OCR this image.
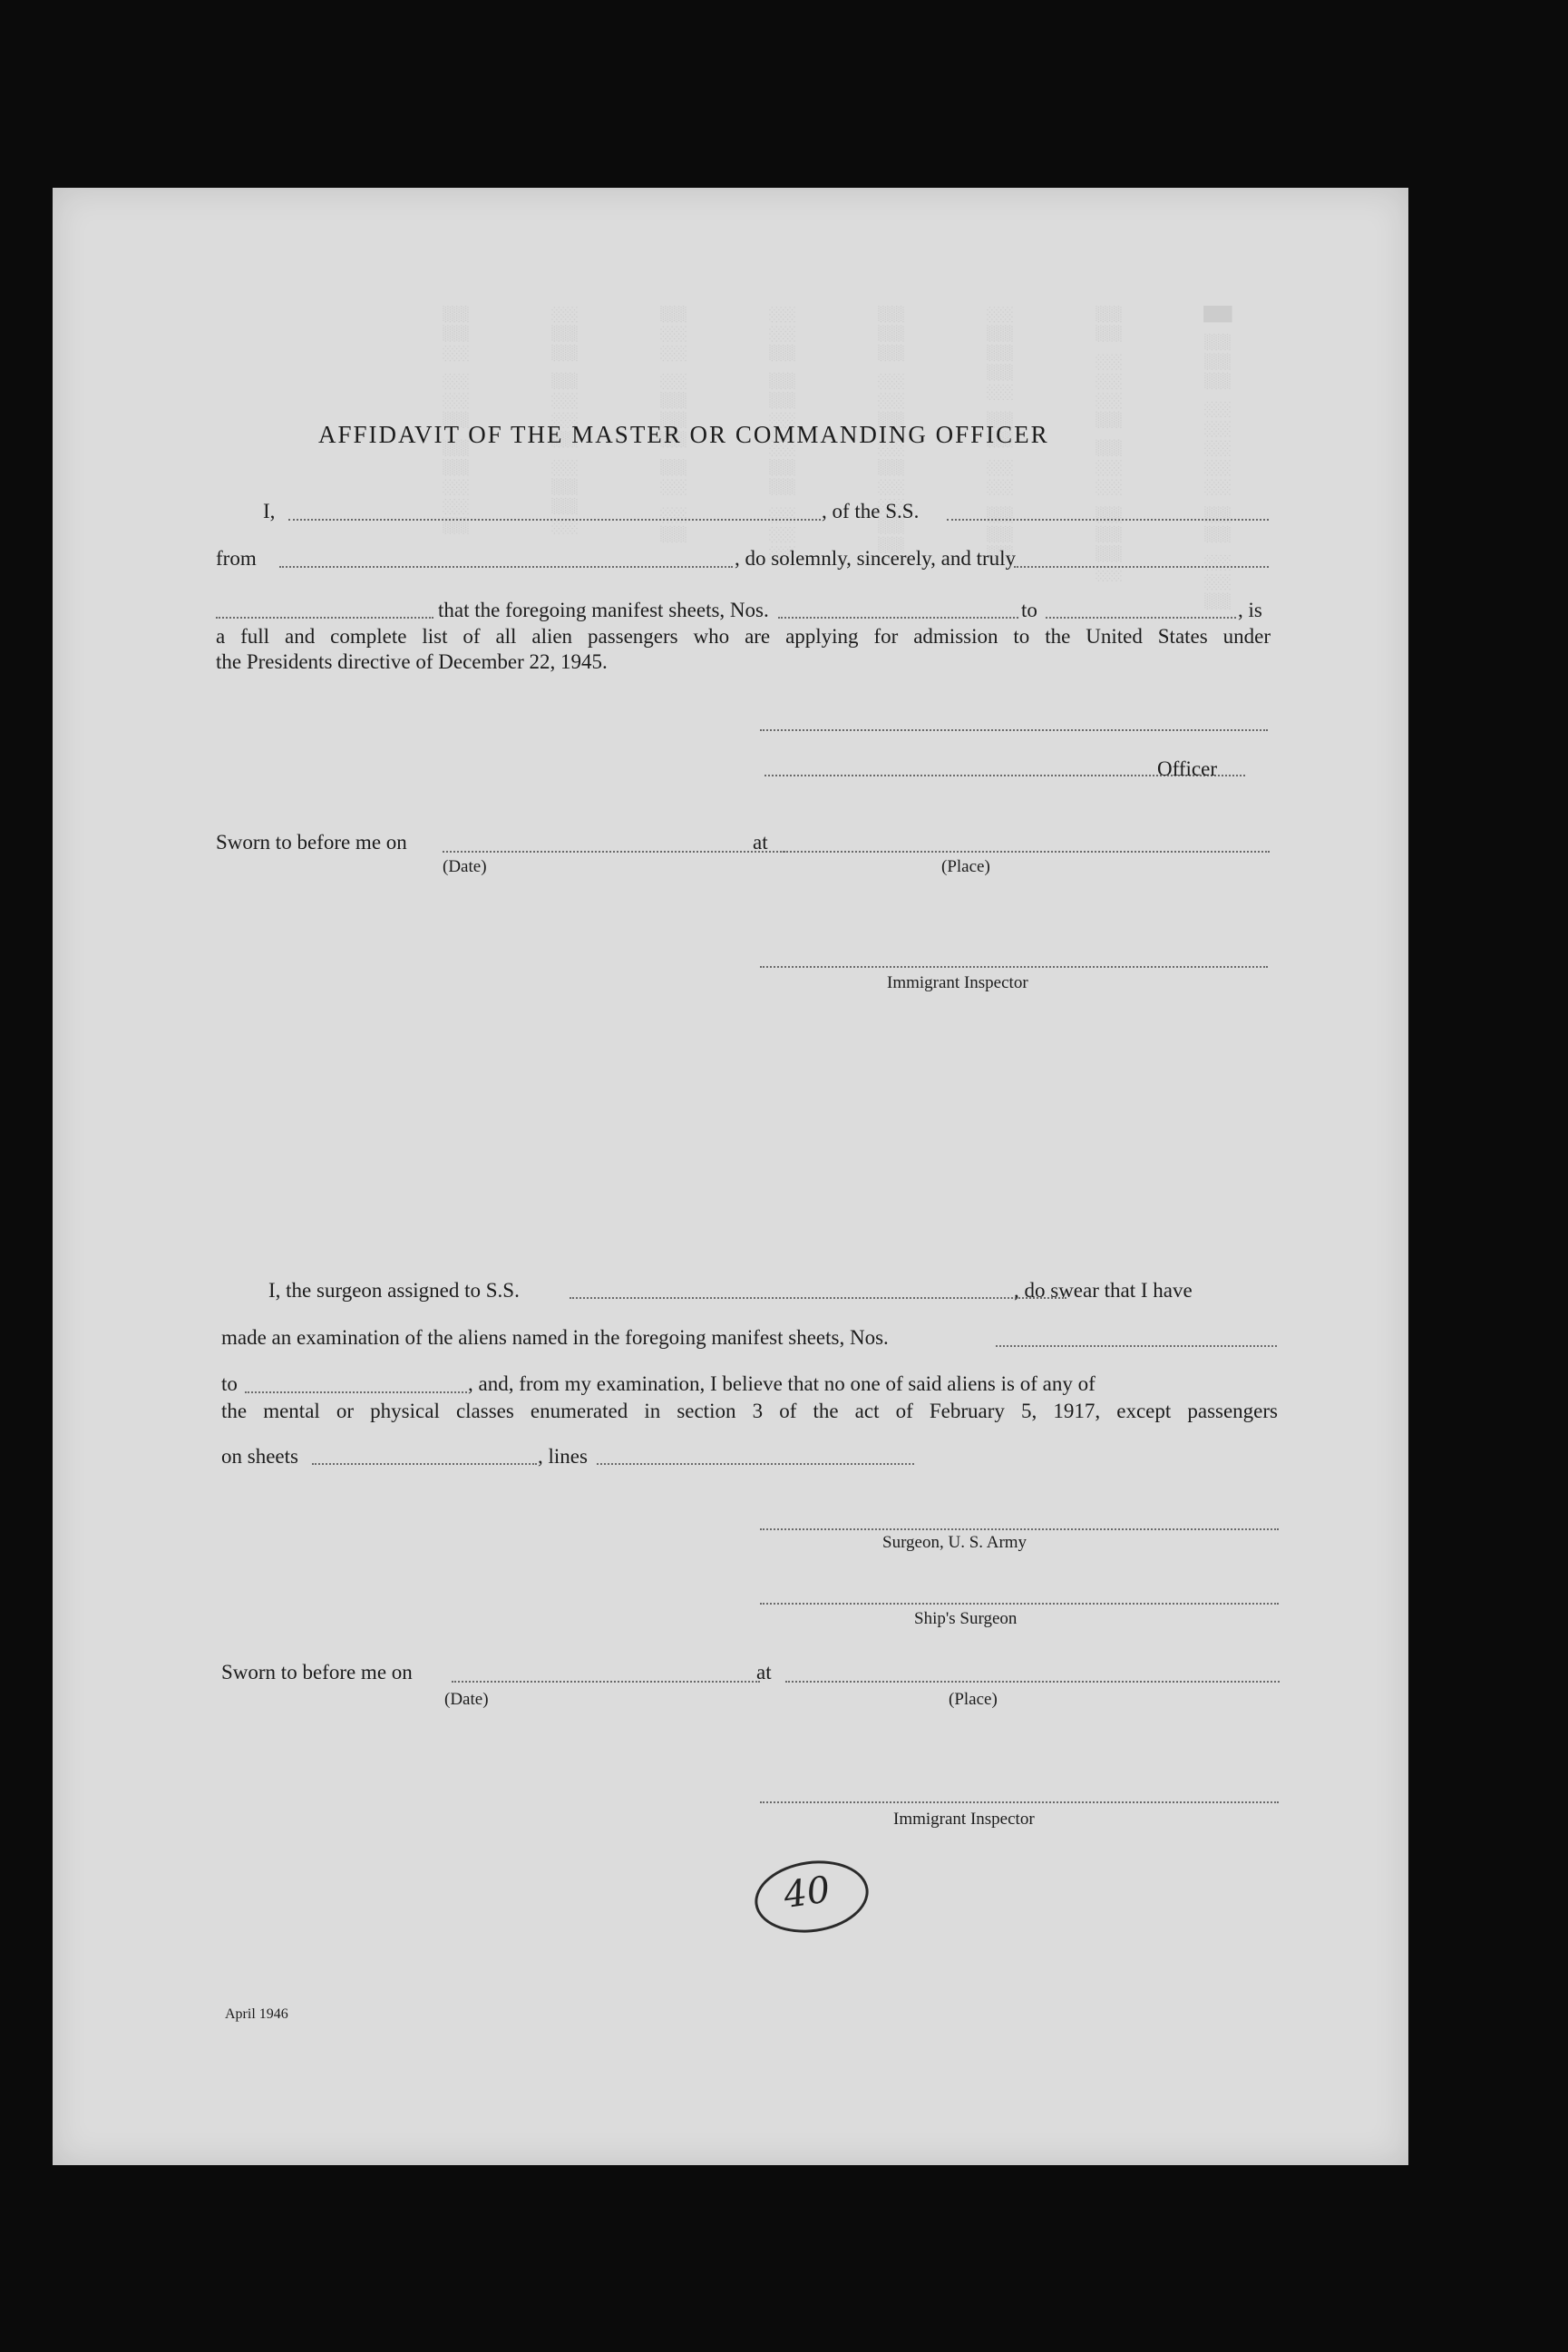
█ ▒▒▒ ░░░░░ ▒▒ ░░▒
▒▒ ░░░▒ ▒░░ ▒▒▒░
░▒▒▒░ ▒▒ ░░ ▒▒▒
▒▒▒ ░░▒ ░▒░░▒▒
░░▒ ▒▒░ ░▒▒ ░░░
▒░░ ░▒▒▒ ▒░ ░▒
░▒▒ ▒░░▒ ░▒▒░
▒▒░ ░░▒ ▒▒░░▒
AFFIDAVIT OF THE MASTER OR COMMANDING OFFICER
I,	, of the S.S.
from	, do solemnly, sincerely, and truly
that the foregoing manifest sheets, Nos.	to	, is
a full and complete list of all alien passengers who are applying for admission to the United States under
the Presidents directive of December 22, 1945.
Officer
Sworn to before me on	at
(Date)	(Place)
Immigrant Inspector
I, the surgeon assigned to S.S.	, do swear that I have
made an examination of the aliens named in the foregoing manifest sheets, Nos.
to	, and, from my examination, I believe that no one of said aliens is of any of
the mental or physical classes enumerated in section 3 of the act of February 5, 1917, except passengers
on sheets	, lines
Surgeon, U. S. Army
Ship's Surgeon
Sworn to before me on	at
(Date)	(Place)
Immigrant Inspector
40
April 1946
